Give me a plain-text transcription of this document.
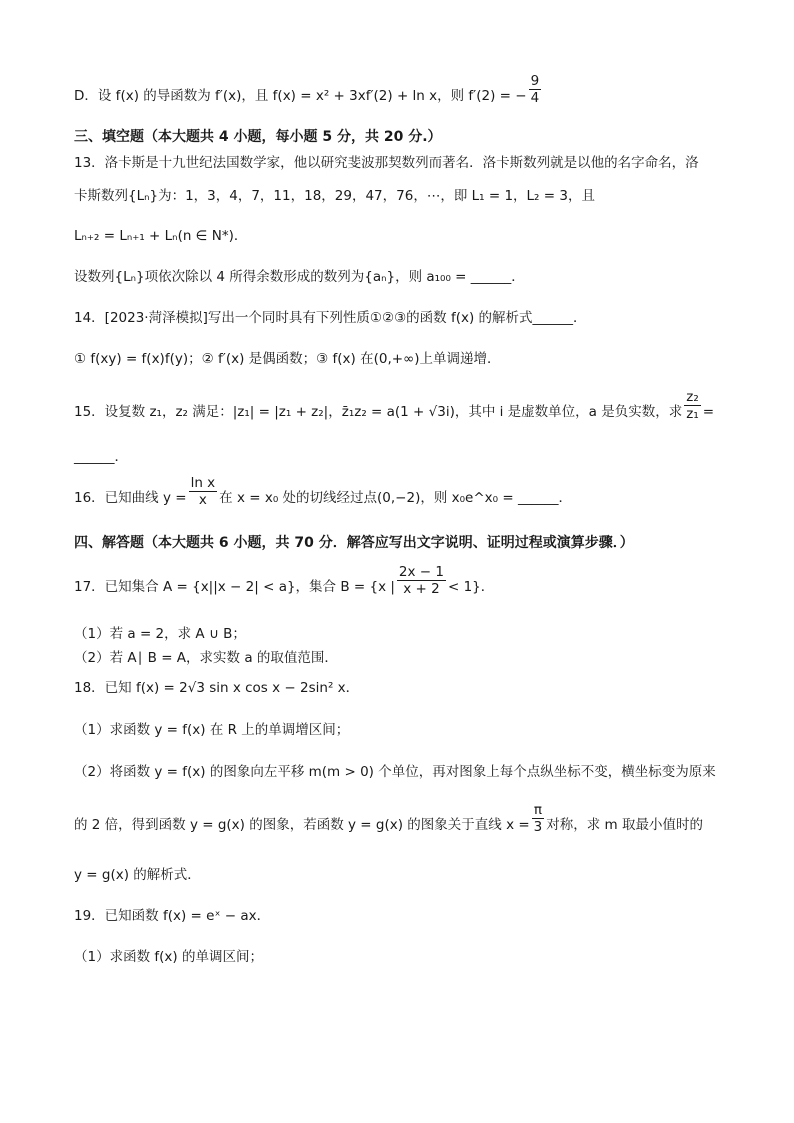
D．设 f(x) 的导函数为 f′(x)，且 f(x) = x² + 3xf′(2) + ln x，则 f′(2) = − $\frac{9}{4}$
三、填空题（本大题共 4 小题，每小题 5 分，共 20 分.）
13．洛卡斯是十九世纪法国数学家，他以研究斐波那契数列而著名．洛卡斯数列就是以他的名字命名，洛
卡斯数列{Lₙ}为：1，3，4，7，11，18，29，47，76，⋯，即 L₁ = 1，L₂ = 3，且
Lₙ₊₂ = Lₙ₊₁ + Lₙ(n ∈ N*)．
设数列{Lₙ}项依次除以 4 所得余数形成的数列为{aₙ}，则 a₁₀₀ = ______．
14．[2023·菏泽模拟]写出一个同时具有下列性质①②③的函数 f(x) 的解析式______．
① f(xy) = f(x)f(y)；② f′(x) 是偶函数；③ f(x) 在(0,+∞)上单调递增．
15．设复数 z₁，z₂ 满足：|z₁| = |z₁ + z₂|，z̄₁z₂ = a(1 + √3i)，其中 i 是虚数单位，a 是负实数，求 $\frac{\text{z₂}}{\text{z₁}}$ =
______．
16．已知曲线 $y = \frac{\text{ln x}}{x}$ 在 x = x₀ 处的切线经过点(0,−2)，则 x₀e^x₀ = ______．
四、解答题（本大题共 6 小题，共 70 分．解答应写出文字说明、证明过程或演算步骤．）
17．已知集合 A = {x||x − 2| < a}，集合 B = {x | $\frac{2x - 1}{x + 2} < 1$}．
（1）若 a = 2，求 A ∪ B；
（2）若 A∣ B = A，求实数 a 的取值范围．
18．已知 f(x) = 2√3 sin x cos x − 2sin² x．
（1）求函数 y = f(x) 在 R 上的单调增区间；
（2）将函数 y = f(x) 的图象向左平移 m(m > 0) 个单位，再对图象上每个点纵坐标不变，横坐标变为原来
的 2 倍，得到函数 y = g(x) 的图象，若函数 y = g(x) 的图象关于直线 $x = \frac{\pi}{3}$ 对称，求 m 取最小值时的
y = g(x) 的解析式．
19．已知函数 f(x) = eˣ − ax．
（1）求函数 f(x) 的单调区间；
